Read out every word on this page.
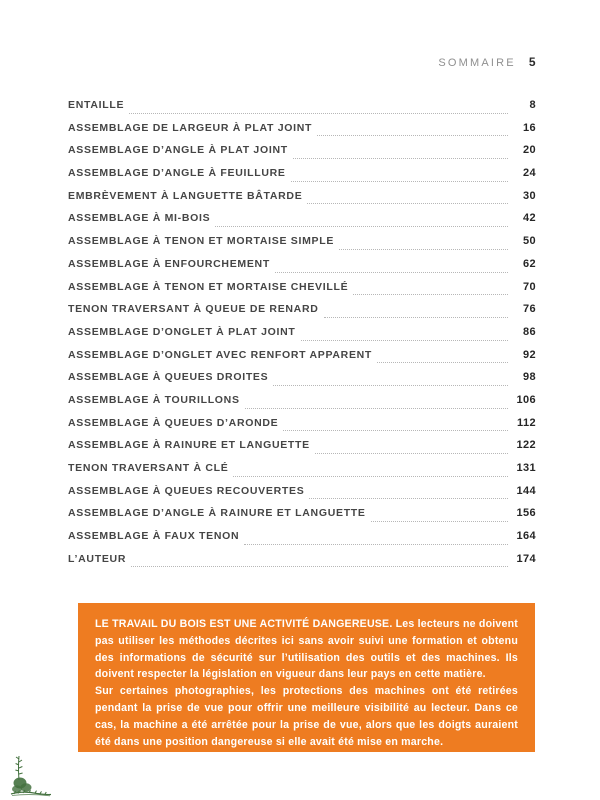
SOMMAIRE 5
ENTAILLE	8
ASSEMBLAGE DE LARGEUR À PLAT JOINT	16
ASSEMBLAGE D’ANGLE À PLAT JOINT	20
ASSEMBLAGE D’ANGLE À FEUILLURE	24
EMBRÈVEMENT À LANGUETTE BÂTARDE	30
ASSEMBLAGE À MI-BOIS	42
ASSEMBLAGE À TENON ET MORTAISE SIMPLE	50
ASSEMBLAGE À ENFOURCHEMENT	62
ASSEMBLAGE À TENON ET MORTAISE CHEVILLÉ	70
TENON TRAVERSANT À QUEUE DE RENARD	76
ASSEMBLAGE D’ONGLET À PLAT JOINT	86
ASSEMBLAGE D’ONGLET AVEC RENFORT APPARENT	92
ASSEMBLAGE À QUEUES DROITES	98
ASSEMBLAGE À TOURILLONS	106
ASSEMBLAGE À QUEUES D’ARONDE	112
ASSEMBLAGE À RAINURE ET LANGUETTE	122
TENON TRAVERSANT À CLÉ	131
ASSEMBLAGE À QUEUES RECOUVERTES	144
ASSEMBLAGE D’ANGLE À RAINURE ET LANGUETTE	156
ASSEMBLAGE À FAUX TENON	164
L’AUTEUR	174

LE TRAVAIL DU BOIS EST UNE ACTIVITÉ DANGEREUSE. Les lecteurs ne doivent pas utiliser les méthodes décrites ici sans avoir suivi une formation et obtenu des informations de sécurité sur l’utilisation des outils et des machines. Ils doivent respecter la législation en vigueur dans leur pays en cette matière.

Sur certaines photographies, les protections des machines ont été retirées pendant la prise de vue pour offrir une meilleure visibilité au lecteur. Dans ce cas, la machine a été arrêtée pour la prise de vue, alors que les doigts auraient été dans une position dangereuse si elle avait été mise en marche.
